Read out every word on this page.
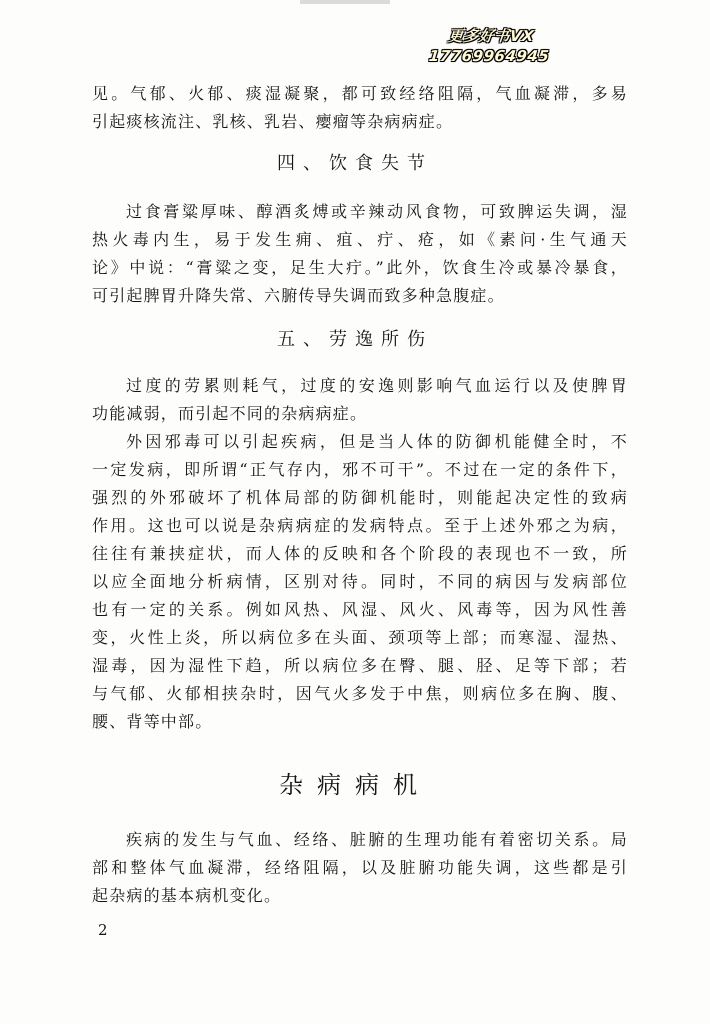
更多好书VX
17769964945
见。气郁、火郁、痰湿凝聚，都可致经络阻隔，气血凝滞，多易
引起痰核流注、乳核、乳岩、瘿瘤等杂病病症。
四、饮食失节
过食膏粱厚味、醇酒炙煿或辛辣动风食物，可致脾运失调，湿
热火毒内生，易于发生痈、疽、疔、疮，如《素问·生气通天
论》中说：“膏粱之变，足生大疔。”此外，饮食生冷或暴冷暴食，
可引起脾胃升降失常、六腑传导失调而致多种急腹症。
五、劳逸所伤
过度的劳累则耗气，过度的安逸则影响气血运行以及使脾胃
功能减弱，而引起不同的杂病病症。
外因邪毒可以引起疾病，但是当人体的防御机能健全时，不
一定发病，即所谓“正气存内，邪不可干”。不过在一定的条件下，
强烈的外邪破坏了机体局部的防御机能时，则能起决定性的致病
作用。这也可以说是杂病病症的发病特点。至于上述外邪之为病，
往往有兼挟症状，而人体的反映和各个阶段的表现也不一致，所
以应全面地分析病情，区别对待。同时，不同的病因与发病部位
也有一定的关系。例如风热、风湿、风火、风毒等，因为风性善
变，火性上炎，所以病位多在头面、颈项等上部；而寒湿、湿热、
湿毒，因为湿性下趋，所以病位多在臀、腿、胫、足等下部；若
与气郁、火郁相挟杂时，因气火多发于中焦，则病位多在胸、腹、
腰、背等中部。
杂病病机
疾病的发生与气血、经络、脏腑的生理功能有着密切关系。局
部和整体气血凝滞，经络阻隔，以及脏腑功能失调，这些都是引
起杂病的基本病机变化。
2
